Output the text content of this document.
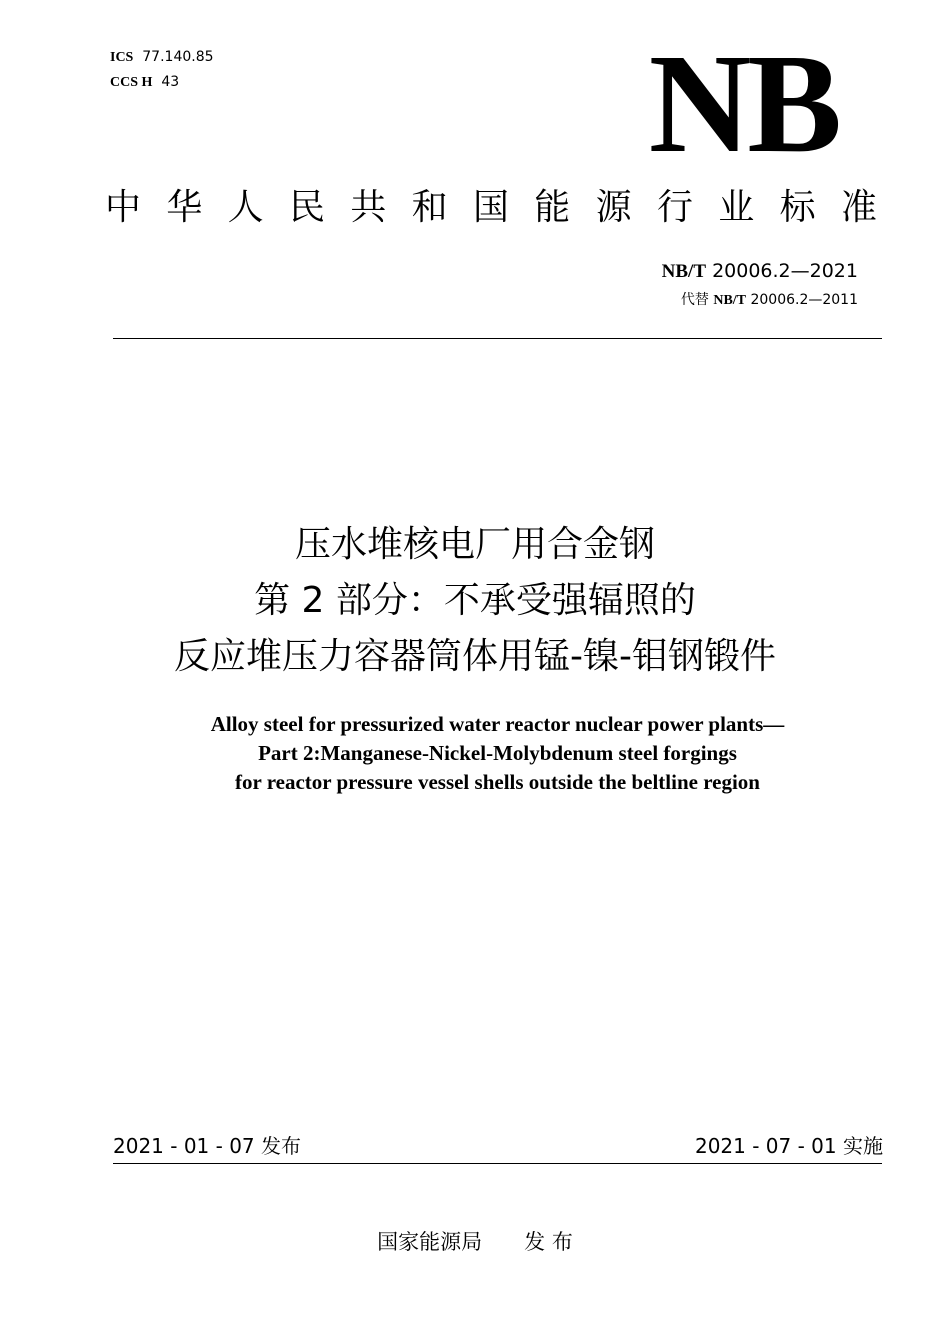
ICS 77.140.85
CCS H 43	NB
中 华 人 民 共 和 国 能 源 行 业 标 准
NB/T 20006.2—2021
代替 NB/T 20006.2—2011
压水堆核电厂用合金钢
第 2 部分：不承受强辐照的
反应堆压力容器筒体用锰-镍-钼钢锻件
Alloy steel for pressurized water reactor nuclear power plants—
Part 2:Manganese-Nickel-Molybdenum steel forgings
for reactor pressure vessel shells outside the beltline region
2021 - 01 - 07 发布	2021 - 07 - 01 实施
国家能源局 发 布
